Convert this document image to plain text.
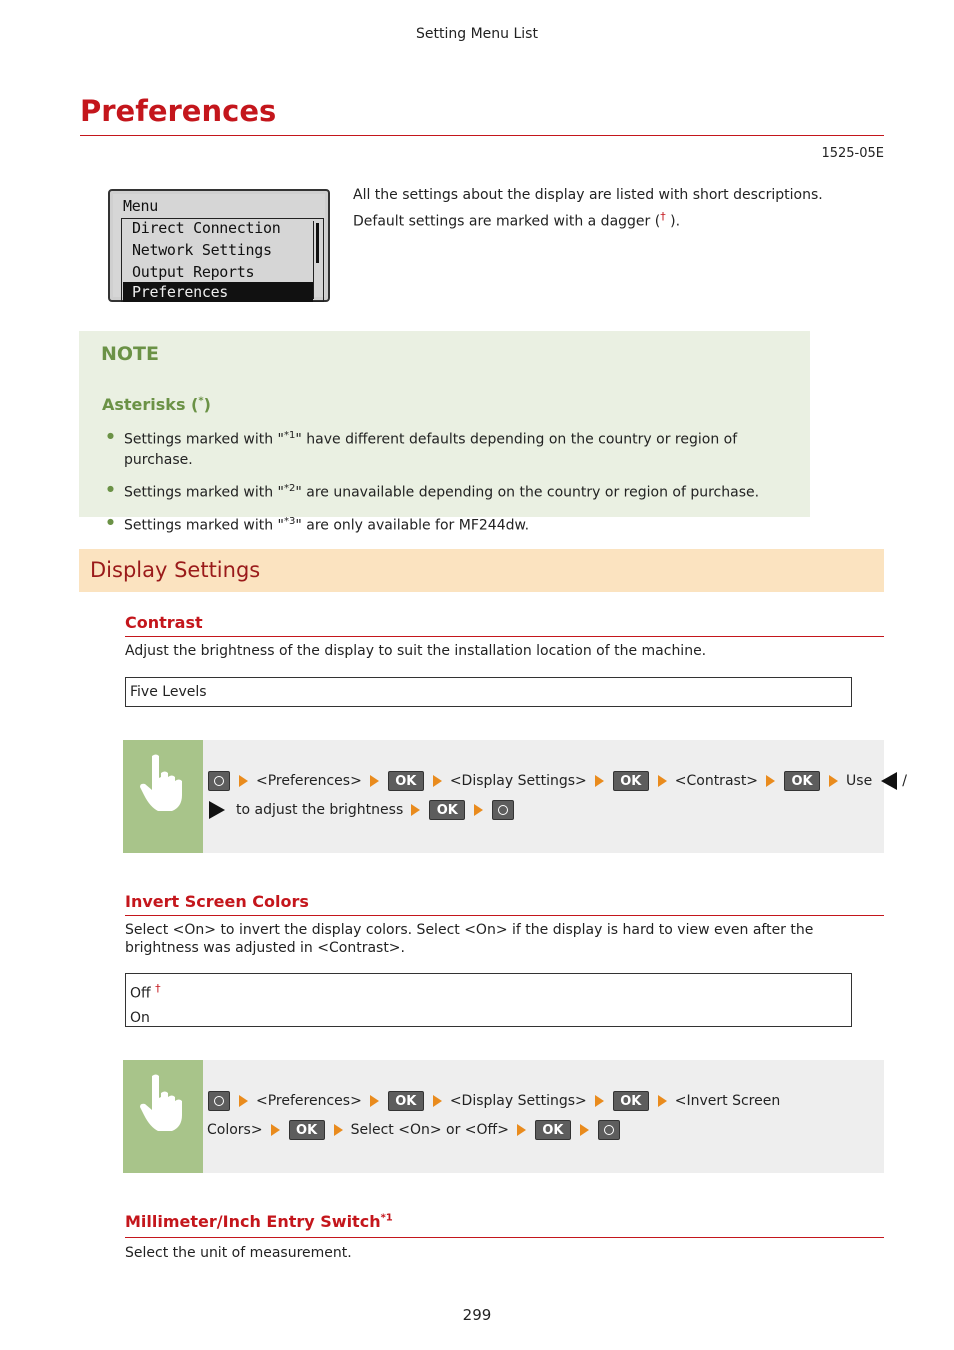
Setting Menu List
Preferences
1525-05E
Menu
Direct Connection
Network Settings
Output Reports
Preferences
All the settings about the display are listed with short descriptions. Default settings are marked with a dagger († ).
NOTE
Asterisks (*)
● Settings marked with "$^{*1}$" have different defaults depending on the country or region of purchase.
● Settings marked with "$^{*2}$" are unavailable depending on the country or region of purchase.
● Settings marked with "$^{*3}$" are only available for MF244dw.
Display Settings
Contrast
Adjust the brightness of the display to suit the installation location of the machine.
Five Levels
<Preferences>	OK	<Display Settings>	OK	<Contrast>	OK	Use /
to adjust the brightness	OK
Invert Screen Colors
Select <On> to invert the display colors. Select <On> if the display is hard to view even after the brightness was adjusted in <Contrast>.
Off †
On
<Preferences>	OK	<Display Settings>	OK	<Invert Screen
Colors>	OK	Select <On> or <Off>	OK
Millimeter/Inch Entry Switch$^{*1}$
Select the unit of measurement.
299
